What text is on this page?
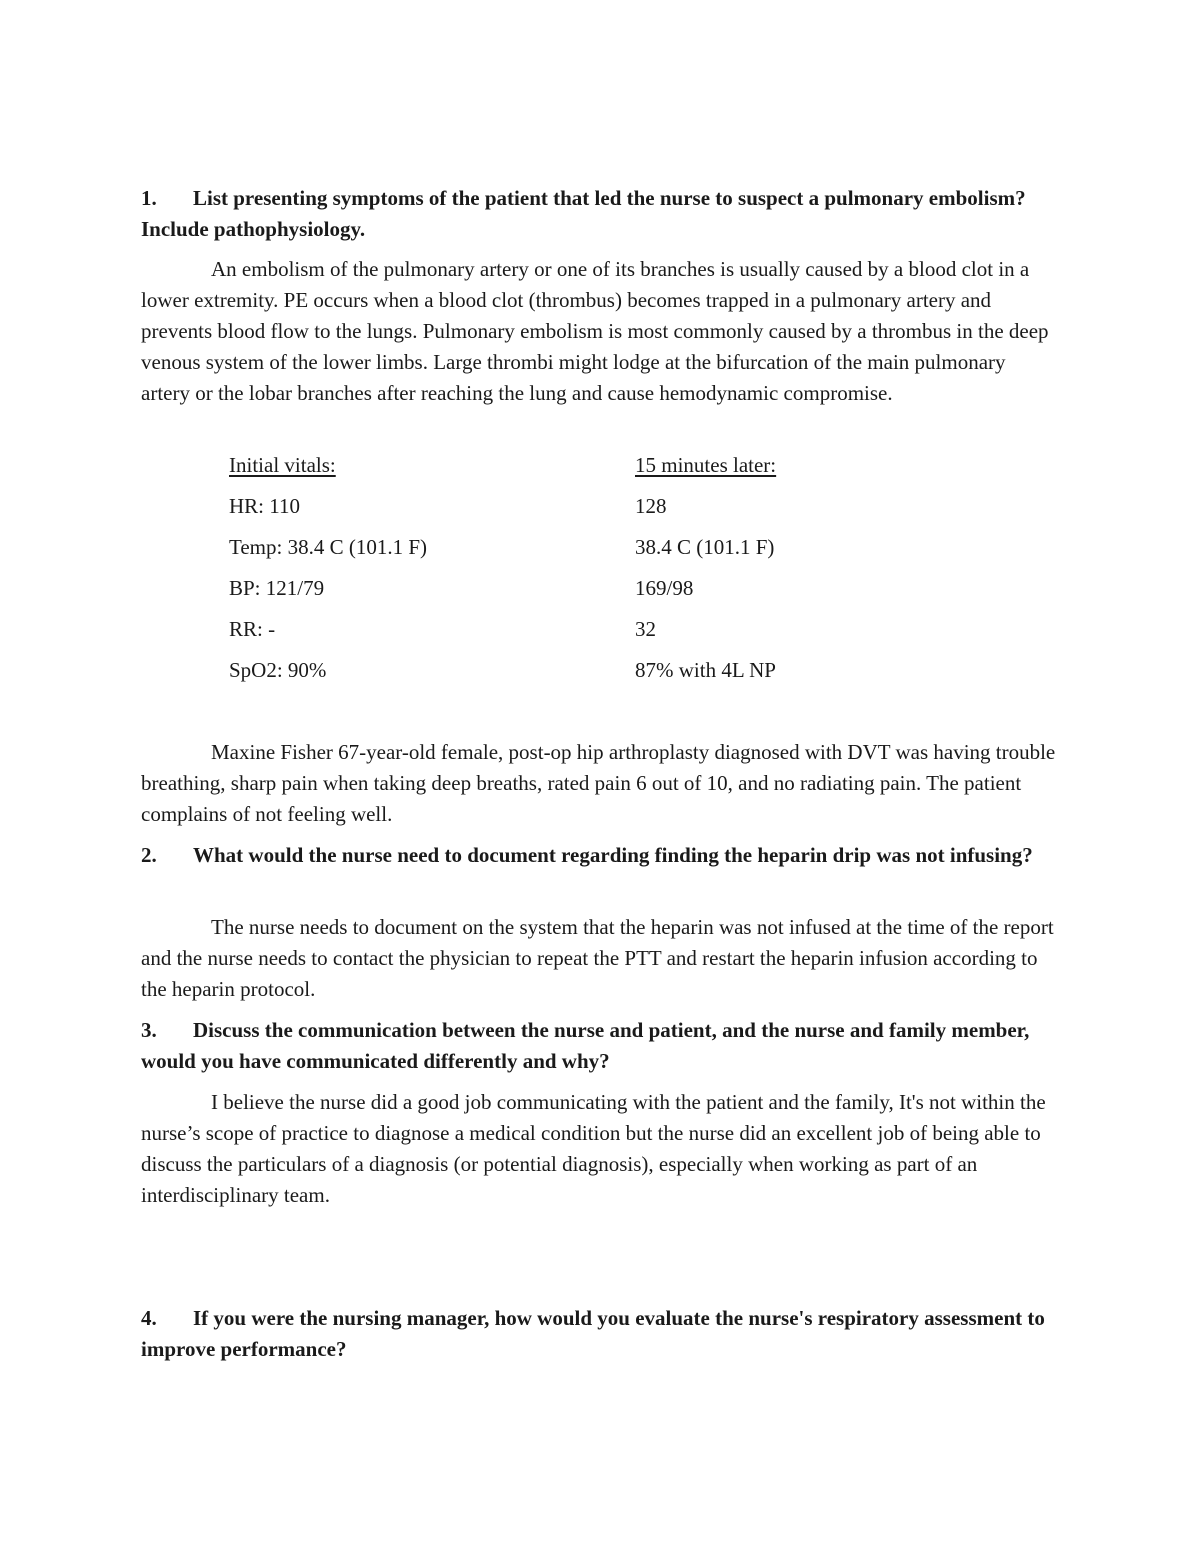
1. List presenting symptoms of the patient that led the nurse to suspect a pulmonary embolism? Include pathophysiology.
An embolism of the pulmonary artery or one of its branches is usually caused by a blood clot in a lower extremity. PE occurs when a blood clot (thrombus) becomes trapped in a pulmonary artery and prevents blood flow to the lungs. Pulmonary embolism is most commonly caused by a thrombus in the deep venous system of the lower limbs. Large thrombi might lodge at the bifurcation of the main pulmonary artery or the lobar branches after reaching the lung and cause hemodynamic compromise.
Initial vitals:	15 minutes later:
HR: 110	128
Temp: 38.4 C (101.1 F)	38.4 C (101.1 F)
BP: 121/79	169/98
RR: -	32
SpO2: 90%	87% with 4L NP
Maxine Fisher 67-year-old female, post-op hip arthroplasty diagnosed with DVT was having trouble breathing, sharp pain when taking deep breaths, rated pain 6 out of 10, and no radiating pain. The patient complains of not feeling well.
2. What would the nurse need to document regarding finding the heparin drip was not infusing?
The nurse needs to document on the system that the heparin was not infused at the time of the report and the nurse needs to contact the physician to repeat the PTT and restart the heparin infusion according to the heparin protocol.
3. Discuss the communication between the nurse and patient, and the nurse and family member, would you have communicated differently and why?
I believe the nurse did a good job communicating with the patient and the family, It's not within the nurse’s scope of practice to diagnose a medical condition but the nurse did an excellent job of being able to discuss the particulars of a diagnosis (or potential diagnosis), especially when working as part of an interdisciplinary team.
4. If you were the nursing manager, how would you evaluate the nurse's respiratory assessment to improve performance?
